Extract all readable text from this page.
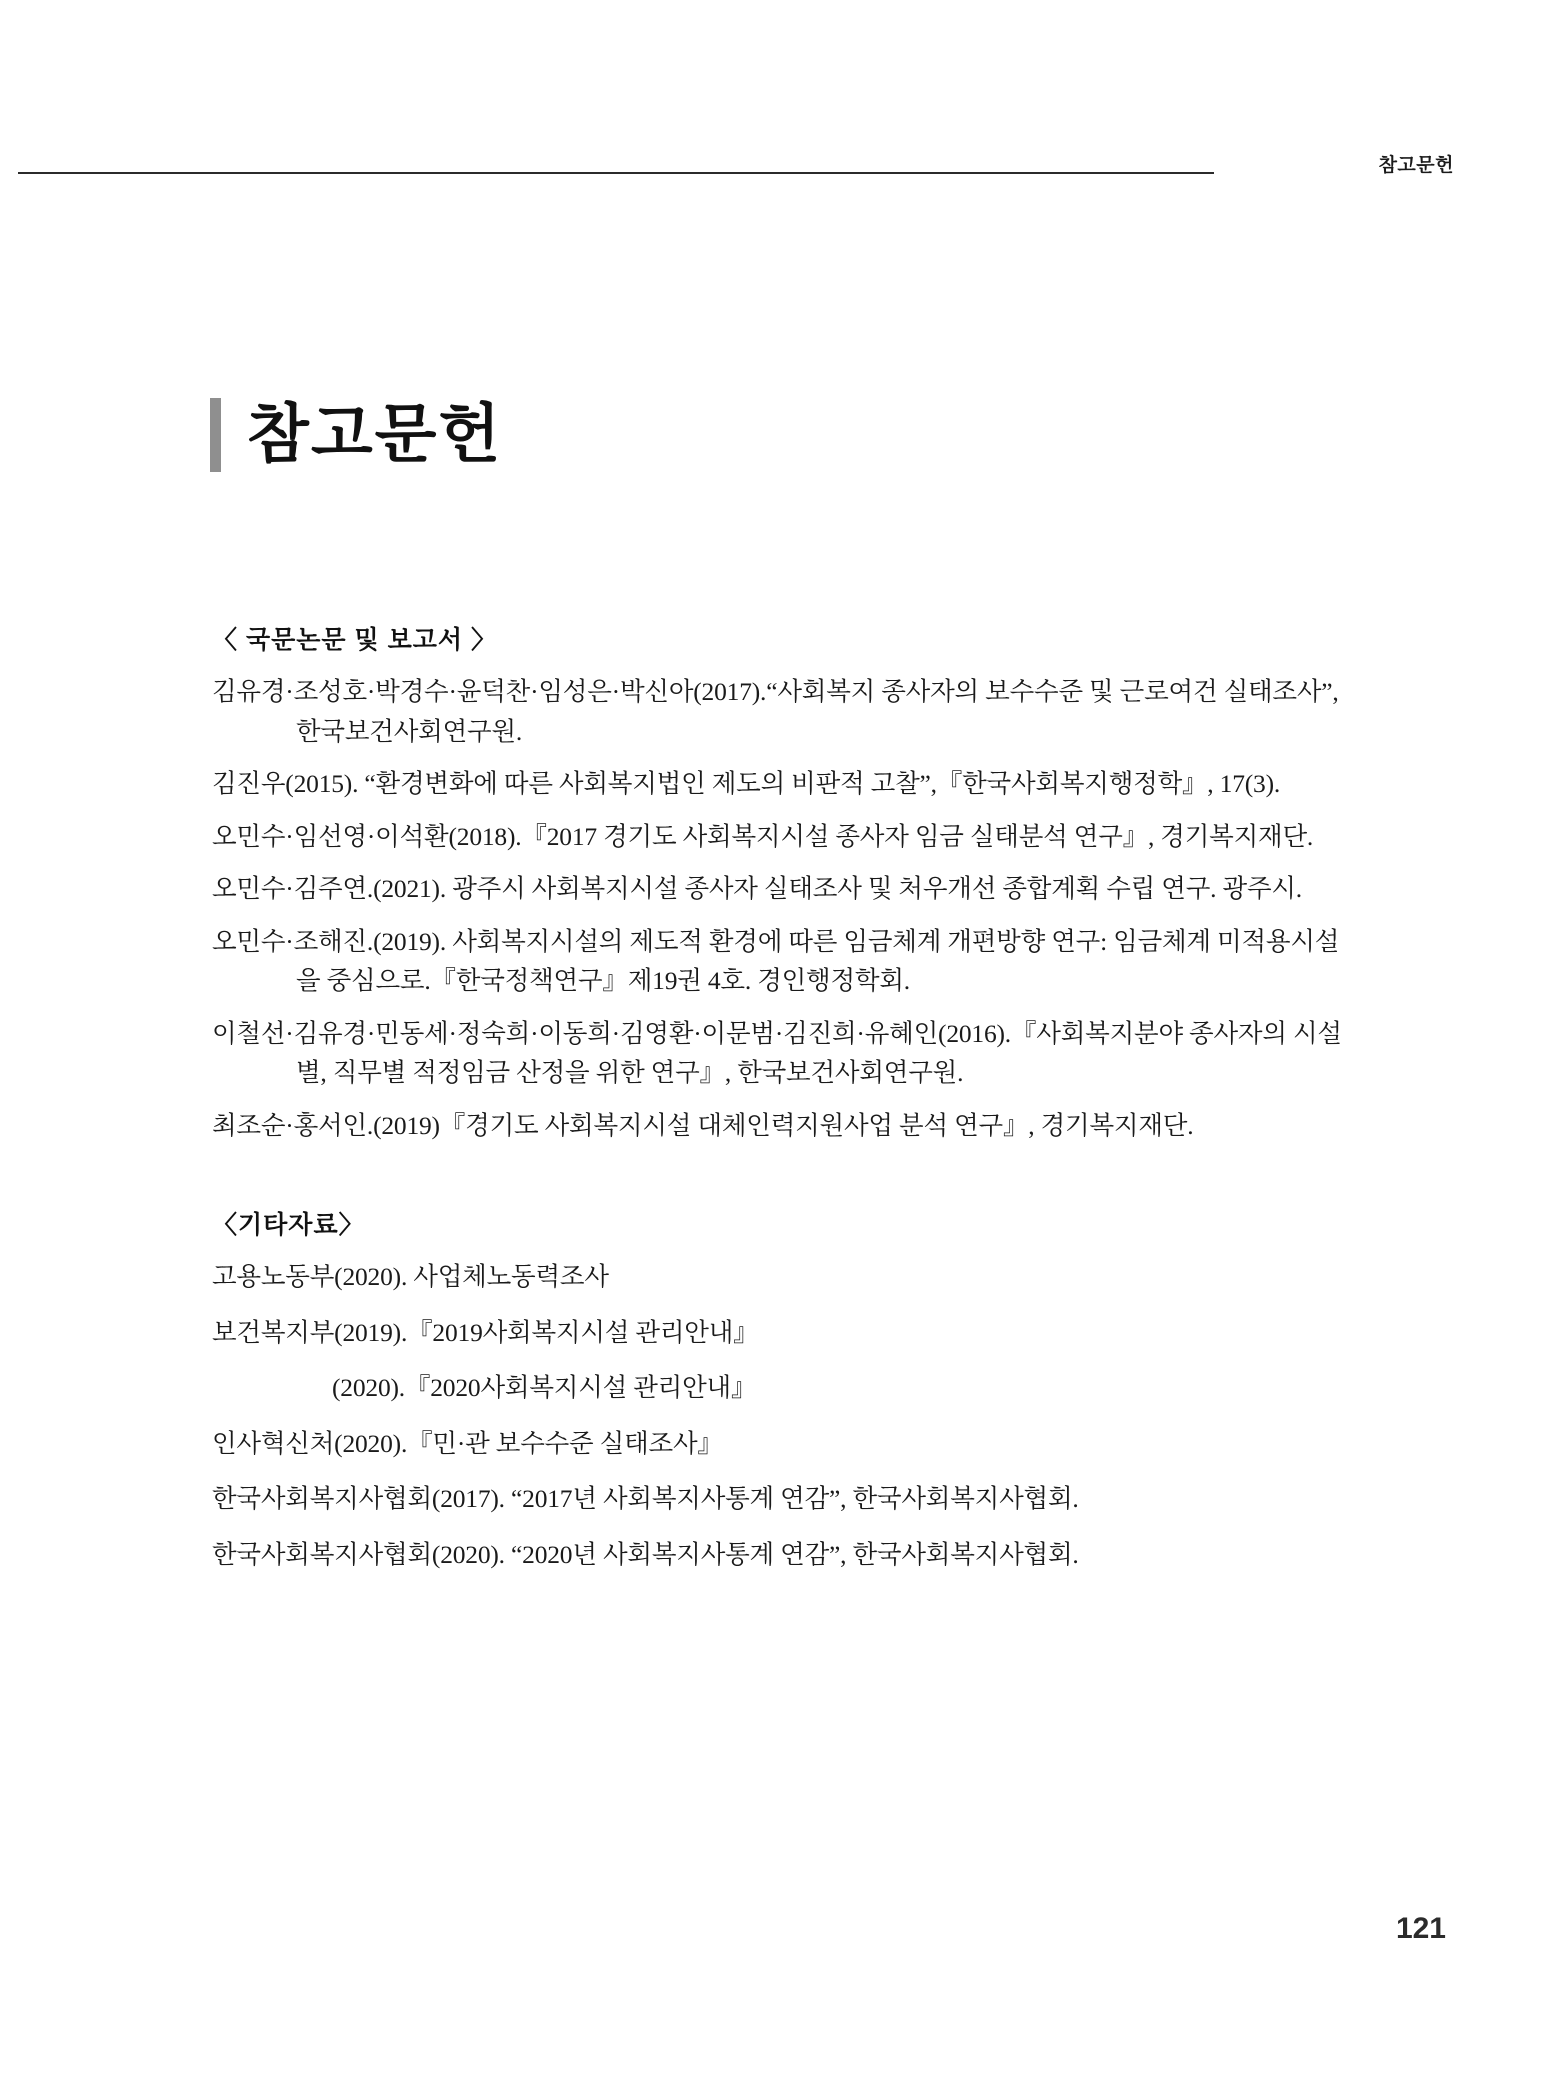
참고문헌
참고문헌
〈 국문논문 및 보고서 〉
김유경·조성호·박경수·윤덕찬·임성은·박신아(2017).“사회복지 종사자의 보수수준 및 근로여건 실태조사”, 한국보건사회연구원.
김진우(2015). “환경변화에 따른 사회복지법인 제도의 비판적 고찰”,『한국사회복지행정학』, 17(3).
오민수·임선영·이석환(2018).『2017 경기도 사회복지시설 종사자 임금 실태분석 연구』, 경기복지재단.
오민수·김주연.(2021). 광주시 사회복지시설 종사자 실태조사 및 처우개선 종합계획 수립 연구. 광주시.
오민수·조해진.(2019). 사회복지시설의 제도적 환경에 따른 임금체계 개편방향 연구: 임금체계 미적용시설을 중심으로.『한국정책연구』제19권 4호. 경인행정학회.
이철선·김유경·민동세·정숙희·이동희·김영환·이문범·김진희·유혜인(2016).『사회복지분야 종사자의 시설별, 직무별 적정임금 산정을 위한 연구』, 한국보건사회연구원.
최조순·홍서인.(2019)『경기도 사회복지시설 대체인력지원사업 분석 연구』, 경기복지재단.
〈기타자료〉
고용노동부(2020). 사업체노동력조사
보건복지부(2019).『2019사회복지시설 관리안내』
(2020).『2020사회복지시설 관리안내』
인사혁신처(2020).『민·관 보수수준 실태조사』
한국사회복지사협회(2017). “2017년 사회복지사통계 연감”, 한국사회복지사협회.
한국사회복지사협회(2020). “2020년 사회복지사통계 연감”, 한국사회복지사협회.
121
